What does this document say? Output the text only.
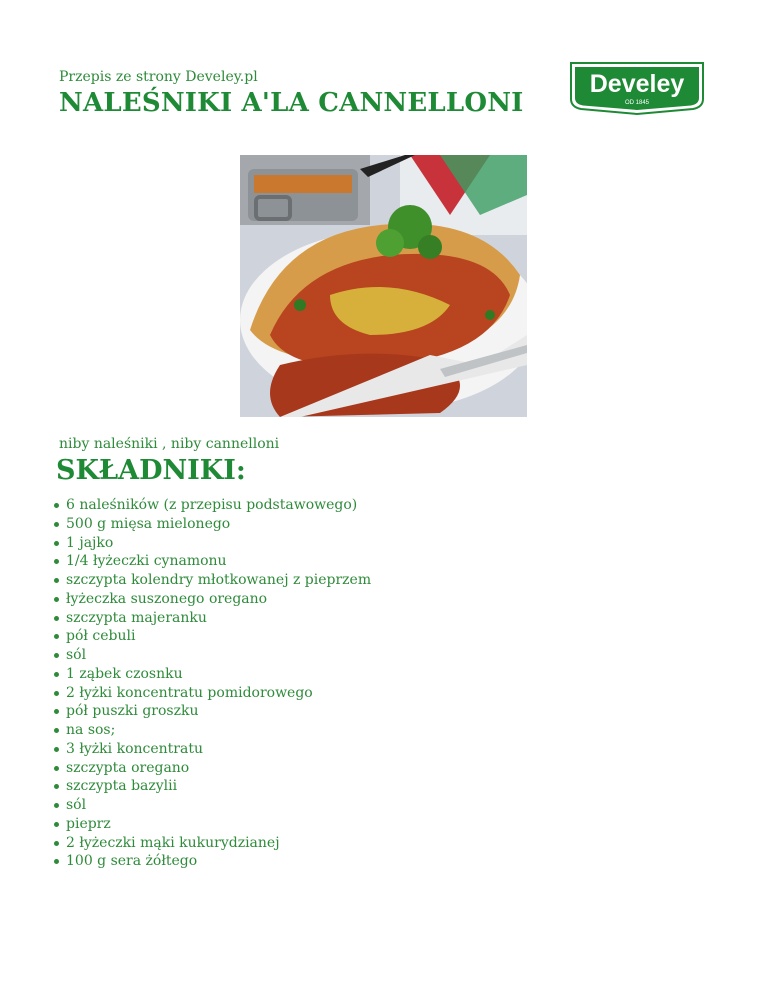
Przepis ze strony Develey.pl
NALEŚNIKI A'LA CANNELLONI
Develey
OD 1845
niby naleśniki , niby cannelloni
SKŁADNIKI:
6 naleśników (z przepisu podstawowego)
500 g mięsa mielonego
1 jajko
1/4 łyżeczki cynamonu
szczypta kolendry młotkowanej z pieprzem
łyżeczka suszonego oregano
szczypta majeranku
pół cebuli
sól
1 ząbek czosnku
2 łyżki koncentratu pomidorowego
pół puszki groszku
na sos;
3 łyżki koncentratu
szczypta oregano
szczypta bazylii
sól
pieprz
2 łyżeczki mąki kukurydzianej
100 g sera żółtego
